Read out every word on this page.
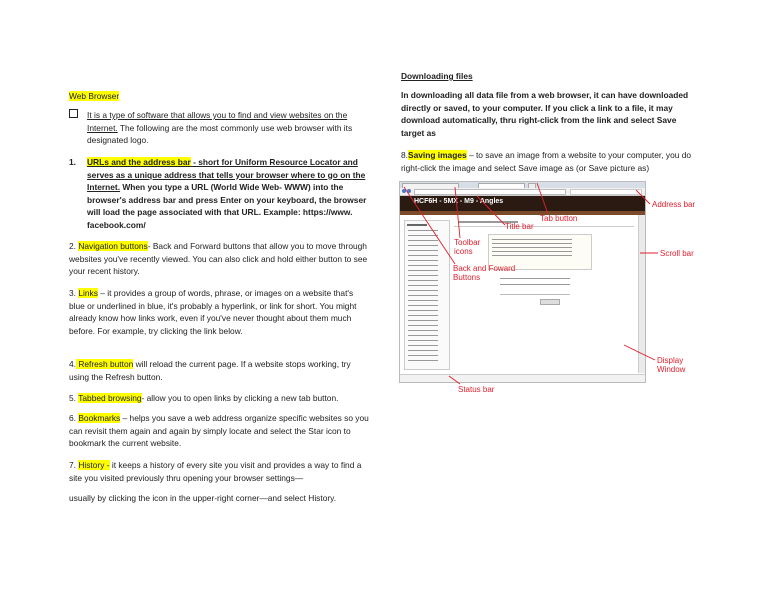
Web Browser
It is a type of software that allows you to find and view websites on the Internet. The following are the most commonly use web browser with its designated logo.
1. URLs and the address bar - short for Uniform Resource Locator and serves as a unique address that tells your browser where to go on the Internet. When you type a URL (World Wide Web- WWW) into the browser's address bar and press Enter on your keyboard, the browser will load the page associated with that URL. Example: https://www. facebook.com/
2. Navigation buttons- Back and Forward buttons that allow you to move through websites you've recently viewed. You can also click and hold either button to see your recent history.
3. Links – it provides a group of words, phrase, or images on a website that's blue or underlined in blue, it's probably a hyperlink, or link for short. You might already know how links work, even if you've never thought about them much before. For example, try clicking the link below.
4. Refresh button will reload the current page. If a website stops working, try using the Refresh button.
5. Tabbed browsing- allow you to open links by clicking a new tab button.
6. Bookmarks – helps you save a web address organize specific websites so you can revisit them again and again by simply locate and select the Star icon to bookmark the current website.
7. History - it keeps a history of every site you visit and provides a way to find a site you visited previously thru opening your browser settings—
usually by clicking the icon in the upper-right corner—and select History.
Downloading files
In downloading all data file from a web browser, it can have downloaded directly or saved, to your computer. If you click a link to a file, it may download automatically, thru right-click from the link and select Save target as
8.Saving images – to save an image from a website to your computer, you do right-click the image and select Save image as (or Save picture as)
HCF6H - 5MX - M9 - Angles
Tab button
Address bar
Title bar
Toolbar icons
Back and Foward Buttons
Scroll bar
Display Window
Status bar
